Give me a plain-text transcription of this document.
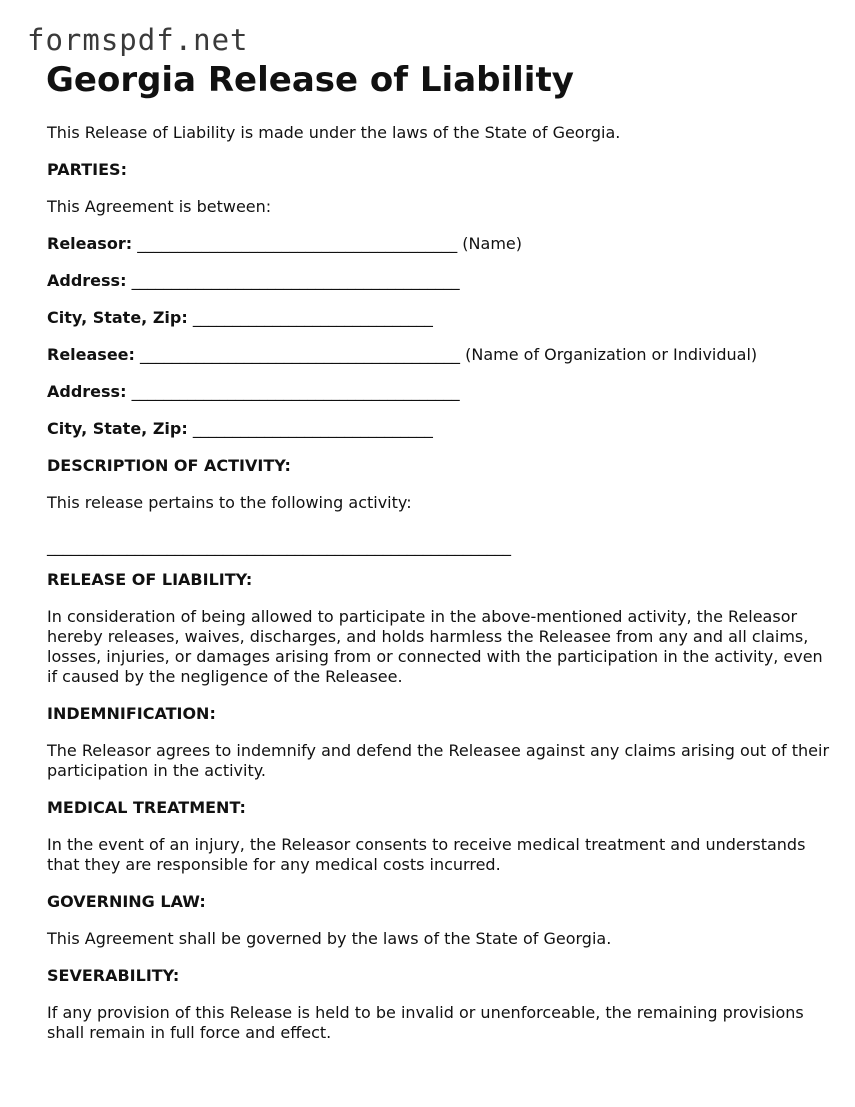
formspdf.net
Georgia Release of Liability
This Release of Liability is made under the laws of the State of Georgia.
PARTIES:
This Agreement is between:
Releasor: ________________________________________ (Name)
Address: _________________________________________
City, State, Zip: ______________________________
Releasee: ________________________________________ (Name of Organization or Individual)
Address: _________________________________________
City, State, Zip: ______________________________
DESCRIPTION OF ACTIVITY:
This release pertains to the following activity:
__________________________________________________________
RELEASE OF LIABILITY:
In consideration of being allowed to participate in the above-mentioned activity, the Releasor hereby releases, waives, discharges, and holds harmless the Releasee from any and all claims, losses, injuries, or damages arising from or connected with the participation in the activity, even if caused by the negligence of the Releasee.
INDEMNIFICATION:
The Releasor agrees to indemnify and defend the Releasee against any claims arising out of their participation in the activity.
MEDICAL TREATMENT:
In the event of an injury, the Releasor consents to receive medical treatment and understands that they are responsible for any medical costs incurred.
GOVERNING LAW:
This Agreement shall be governed by the laws of the State of Georgia.
SEVERABILITY:
If any provision of this Release is held to be invalid or unenforceable, the remaining provisions shall remain in full force and effect.
